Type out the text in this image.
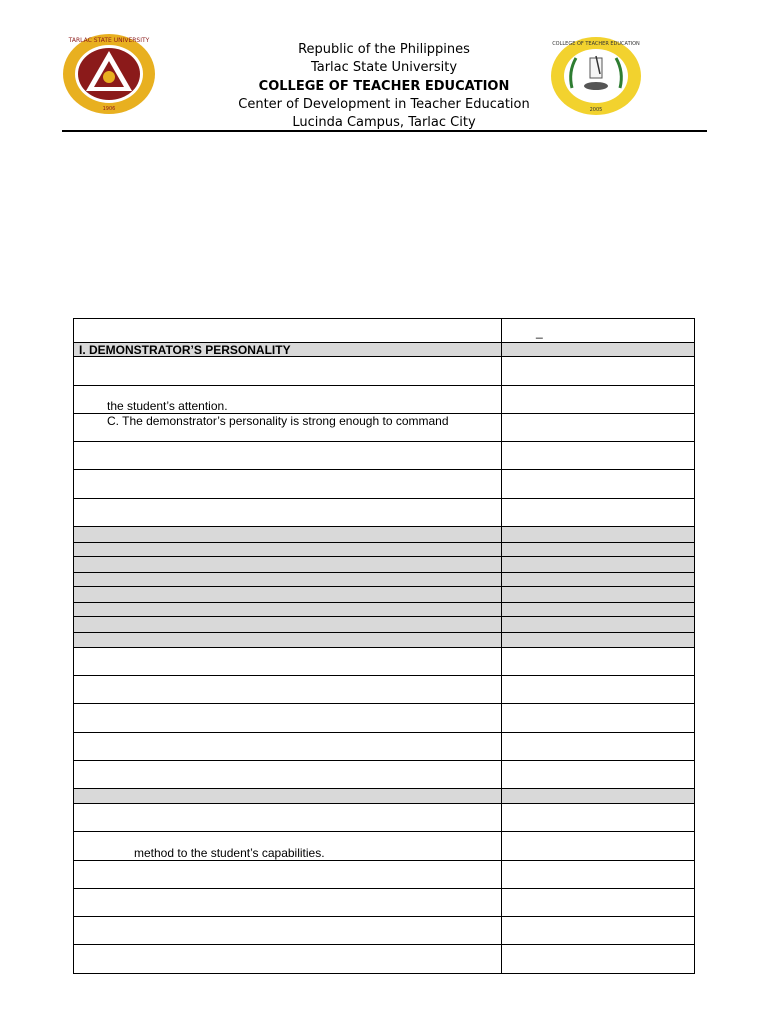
TARLAC STATE UNIVERSITY
1906
Republic of the Philippines
Tarlac State University
COLLEGE OF TEACHER EDUCATION
Center of Development in Teacher Education
Lucinda Campus, Tarlac City
COLLEGE OF TEACHER EDUCATION
2005
_
I. DEMONSTRATOR’S PERSONALITY
the student’s attention.
C. The demonstrator’s personality is strong enough to command
method to the student’s capabilities.
